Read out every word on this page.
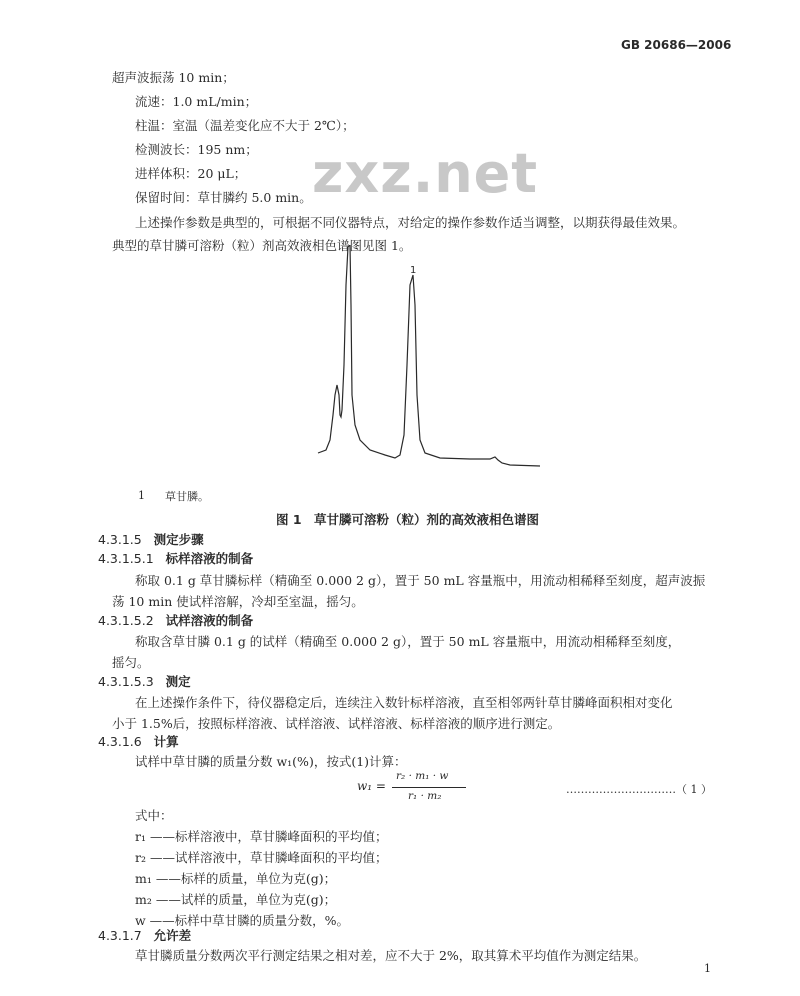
GB 20686—2006
zxz.net
超声波振荡 10 min；
流速：1.0 mL/min；
柱温：室温（温差变化应不大于 2℃）；
检测波长：195 nm；
进样体积：20 μL；
保留时间：草甘膦约 5.0 min。
上述操作参数是典型的，可根据不同仪器特点，对给定的操作参数作适当调整，以期获得最佳效果。
典型的草甘膦可溶粉（粒）剂高效液相色谱图见图 1。
1
1 草甘膦。
图 1　草甘膦可溶粉（粒）剂的高效液相色谱图
4.3.1.5 测定步骤
4.3.1.5.1 标样溶液的制备
称取 0.1 g 草甘膦标样（精确至 0.000 2 g），置于 50 mL 容量瓶中，用流动相稀释至刻度，超声波振
荡 10 min 使试样溶解，冷却至室温，摇匀。
4.3.1.5.2 试样溶液的制备
称取含草甘膦 0.1 g 的试样（精确至 0.000 2 g），置于 50 mL 容量瓶中，用流动相稀释至刻度，
摇匀。
4.3.1.5.3 测定
在上述操作条件下，待仪器稳定后，连续注入数针标样溶液，直至相邻两针草甘膦峰面积相对变化
小于 1.5%后，按照标样溶液、试样溶液、试样溶液、标样溶液的顺序进行测定。
4.3.1.6 计算
试样中草甘膦的质量分数 w₁(%)，按式(1)计算：
w₁ =
r₂ · m₁ · w
r₁ · m₂	…………………………（ 1 ）
式中：
r₁ ——标样溶液中，草甘膦峰面积的平均值；
r₂ ——试样溶液中，草甘膦峰面积的平均值；
m₁ ——标样的质量，单位为克(g)；
m₂ ——试样的质量，单位为克(g)；
w ——标样中草甘膦的质量分数，%。
4.3.1.7 允许差
草甘膦质量分数两次平行测定结果之相对差，应不大于 2%，取其算术平均值作为测定结果。
1
